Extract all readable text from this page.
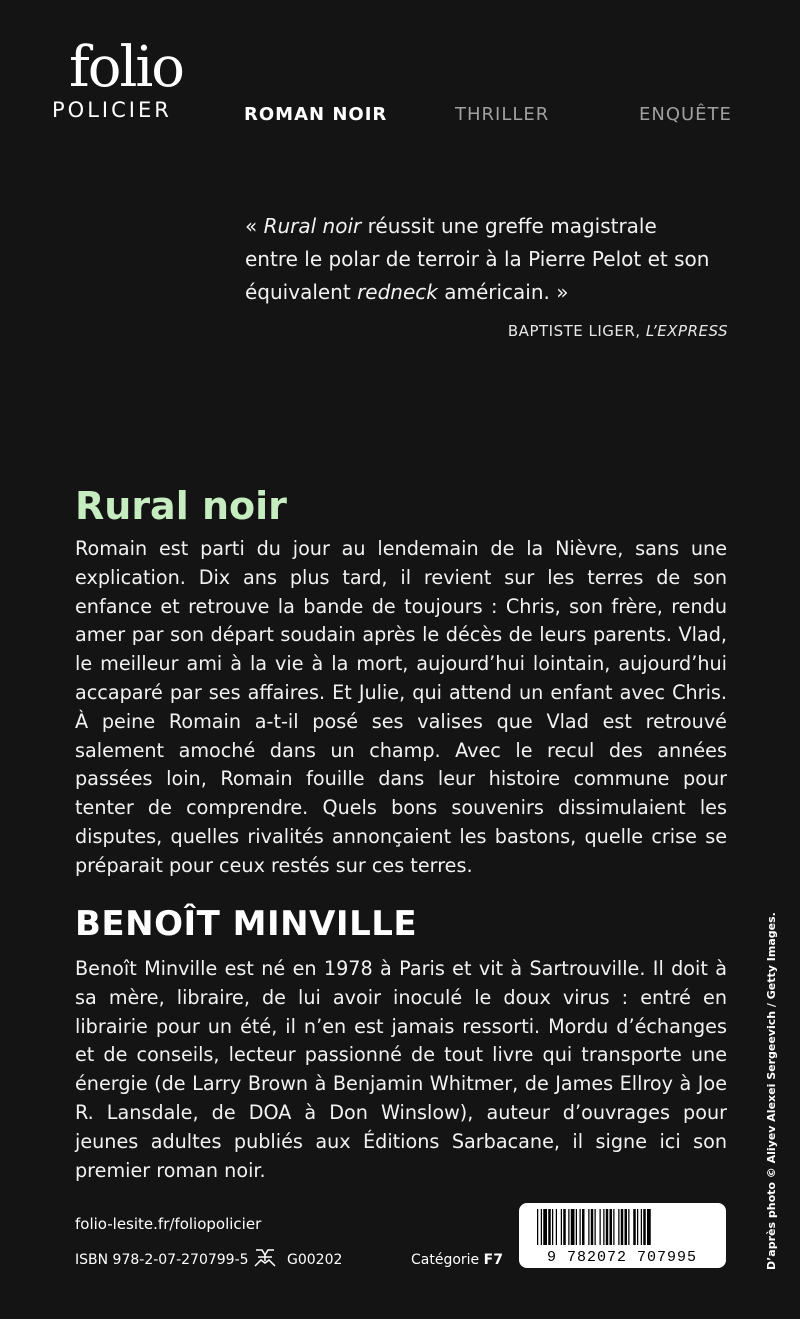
folio
POLICIER	ROMAN NOIR	THRILLER	ENQUÊTE
« Rural noir réussit une greffe magistrale
entre le polar de terroir à la Pierre Pelot et son
équivalent redneck américain. »
BAPTISTE LIGER, L’EXPRESS
Rural noir
Romain est parti du jour au lendemain de la Nièvre, sans une explication. Dix ans plus tard, il revient sur les terres de son enfance et retrouve la bande de toujours : Chris, son frère, rendu amer par son départ soudain après le décès de leurs parents. Vlad, le meilleur ami à la vie à la mort, aujourd’hui lointain, aujourd’hui accaparé par ses affaires. Et Julie, qui attend un enfant avec Chris. À peine Romain a-t-il posé ses valises que Vlad est retrouvé salement amoché dans un champ. Avec le recul des années passées loin, Romain fouille dans leur histoire commune pour tenter de comprendre. Quels bons souvenirs dissimulaient les disputes, quelles rivalités annonçaient les bastons, quelle crise se préparait pour ceux restés sur ces terres.
BENOÎT MINVILLE
Benoît Minville est né en 1978 à Paris et vit à Sartrouville. Il doit à sa mère, libraire, de lui avoir inoculé le doux virus : entré en librairie pour un été, il n’en est jamais ressorti. Mordu d’échanges et de conseils, lecteur passionné de tout livre qui transporte une énergie (de Larry Brown à Benjamin Whitmer, de James Ellroy à Joe R. Lansdale, de DOA à Don Winslow), auteur d’ouvrages pour jeunes adultes publiés aux Éditions Sarbacane, il signe ici son premier roman noir.
folio-lesite.fr/foliopolicier
ISBN 978-2-07-270799-5	G00202	Catégorie F7	9 782072 707995	D’après photo © Aliyev Alexei Sergeevich / Getty Images.
